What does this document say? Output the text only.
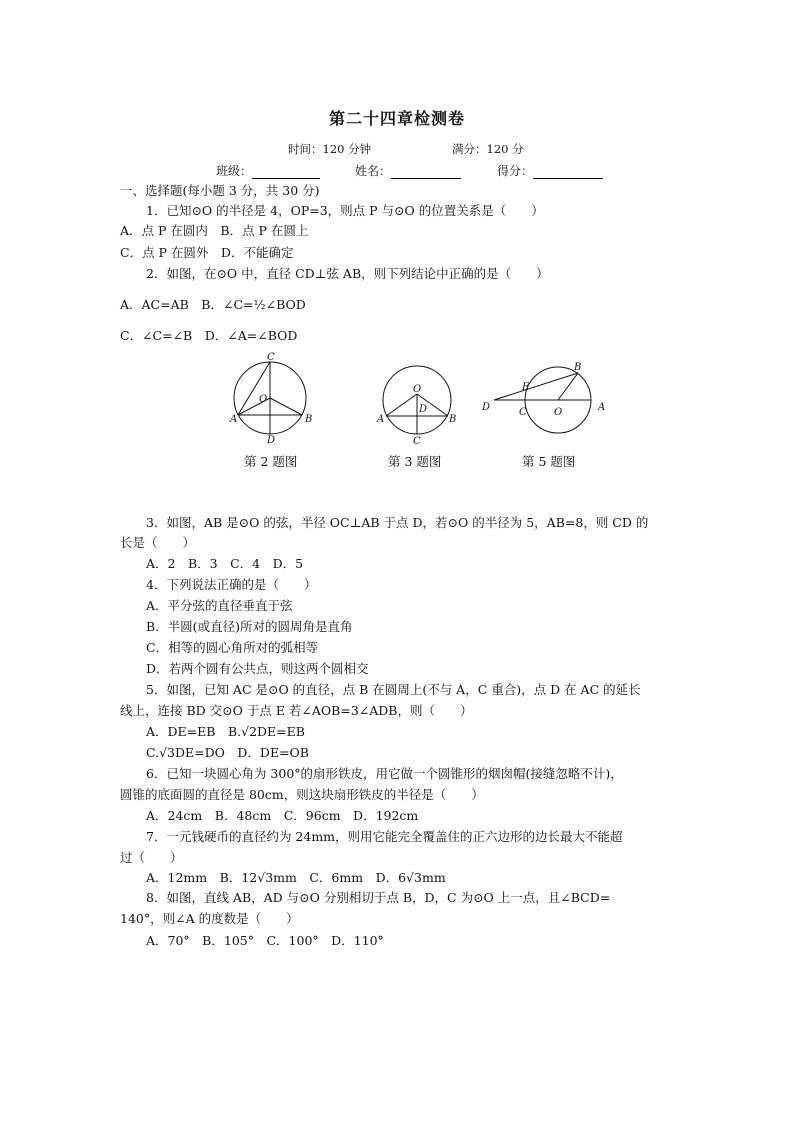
第二十四章检测卷
时间：120 分钟	满分：120 分
班级：	姓名：	得分：
一、选择题(每小题 3 分，共 30 分)
1．已知⊙O 的半径是 4，OP=3，则点 P 与⊙O 的位置关系是（　　）
A．点 P 在圆内　B．点 P 在圆上
C．点 P 在圆外　D．不能确定
2．如图，在⊙O 中，直径 CD⊥弦 AB，则下列结论中正确的是（　　）
A．AC=AB　B．∠C=½∠BOD
C．∠C=∠B　D．∠A=∠BOD
C
O
A	B
D
O
D
A	B
C
D
E
B
C	O	A
第 2 题图	第 3 题图	第 5 题图
3．如图，AB 是⊙O 的弦，半径 OC⊥AB 于点 D，若⊙O 的半径为 5，AB=8，则 CD 的
长是（　　）
A．2　B．3　C．4　D．5
4．下列说法正确的是（　　）
A．平分弦的直径垂直于弦
B．半圆(或直径)所对的圆周角是直角
C．相等的圆心角所对的弧相等
D．若两个圆有公共点，则这两个圆相交
5．如图，已知 AC 是⊙O 的直径，点 B 在圆周上(不与 A，C 重合)，点 D 在 AC 的延长
线上，连接 BD 交⊙O 于点 E 若∠AOB=3∠ADB，则（　　）
A．DE=EB　B.√2DE=EB
C.√3DE=DO　D．DE=OB
6．已知一块圆心角为 300°的扇形铁皮，用它做一个圆锥形的烟囱帽(接缝忽略不计)，
圆锥的底面圆的直径是 80cm，则这块扇形铁皮的半径是（　　）
A．24cm　B．48cm　C．96cm　D．192cm
7．一元钱硬币的直径约为 24mm，则用它能完全覆盖住的正六边形的边长最大不能超
过（　　）
A．12mm　B．12√3mm　C．6mm　D．6√3mm
8．如图，直线 AB，AD 与⊙O 分别相切于点 B，D，C 为⊙O 上一点，且∠BCD=
140°，则∠A 的度数是（　　）
A．70°　B．105°　C．100°　D．110°
